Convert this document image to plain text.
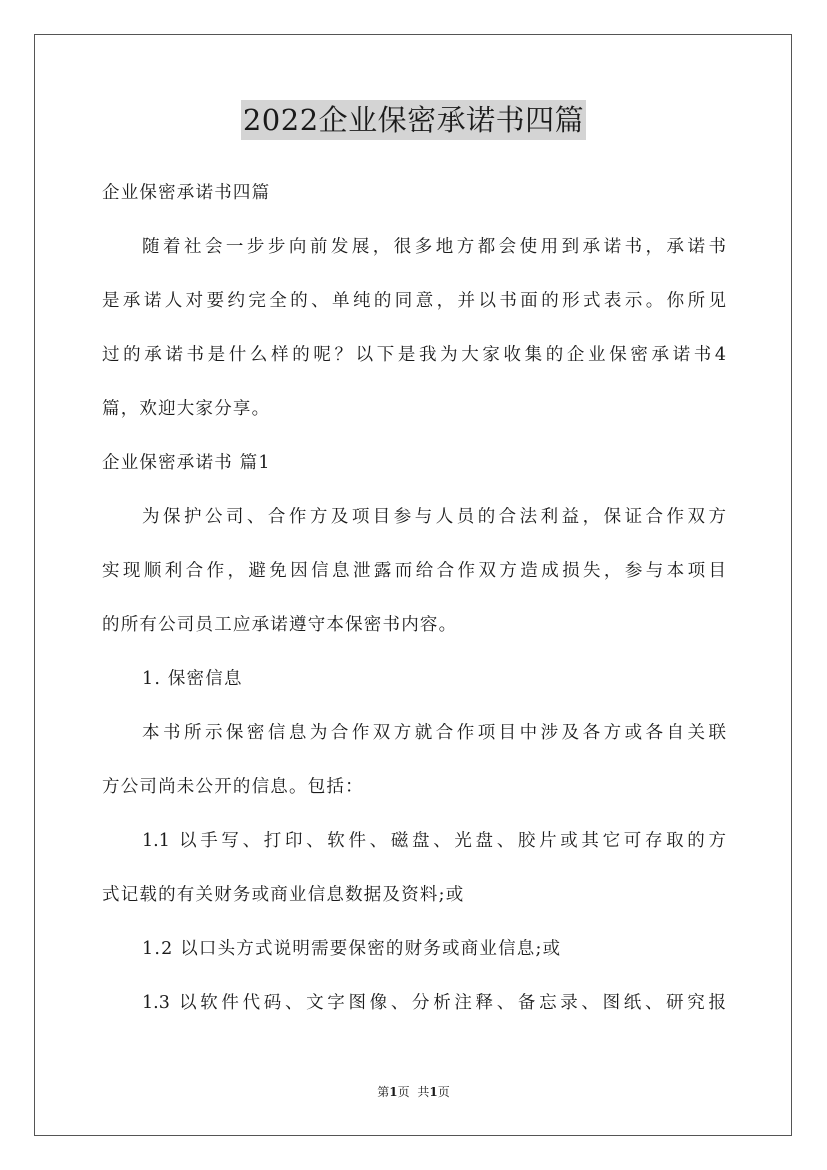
2022企业保密承诺书四篇
企业保密承诺书四篇
随着社会一步步向前发展，很多地方都会使用到承诺书，承诺书
是承诺人对要约完全的、单纯的同意，并以书面的形式表示。你所见
过的承诺书是什么样的呢？以下是我为大家收集的企业保密承诺书4
篇，欢迎大家分享。
企业保密承诺书 篇1
为保护公司、合作方及项目参与人员的合法利益，保证合作双方
实现顺利合作，避免因信息泄露而给合作双方造成损失，参与本项目
的所有公司员工应承诺遵守本保密书内容。
1. 保密信息
本书所示保密信息为合作双方就合作项目中涉及各方或各自关联
方公司尚未公开的信息。包括：
1.1 以手写、打印、软件、磁盘、光盘、胶片或其它可存取的方
式记载的有关财务或商业信息数据及资料;或
1.2 以口头方式说明需要保密的财务或商业信息;或
1.3 以软件代码、文字图像、分析注释、备忘录、图纸、研究报
第1页 共1页
